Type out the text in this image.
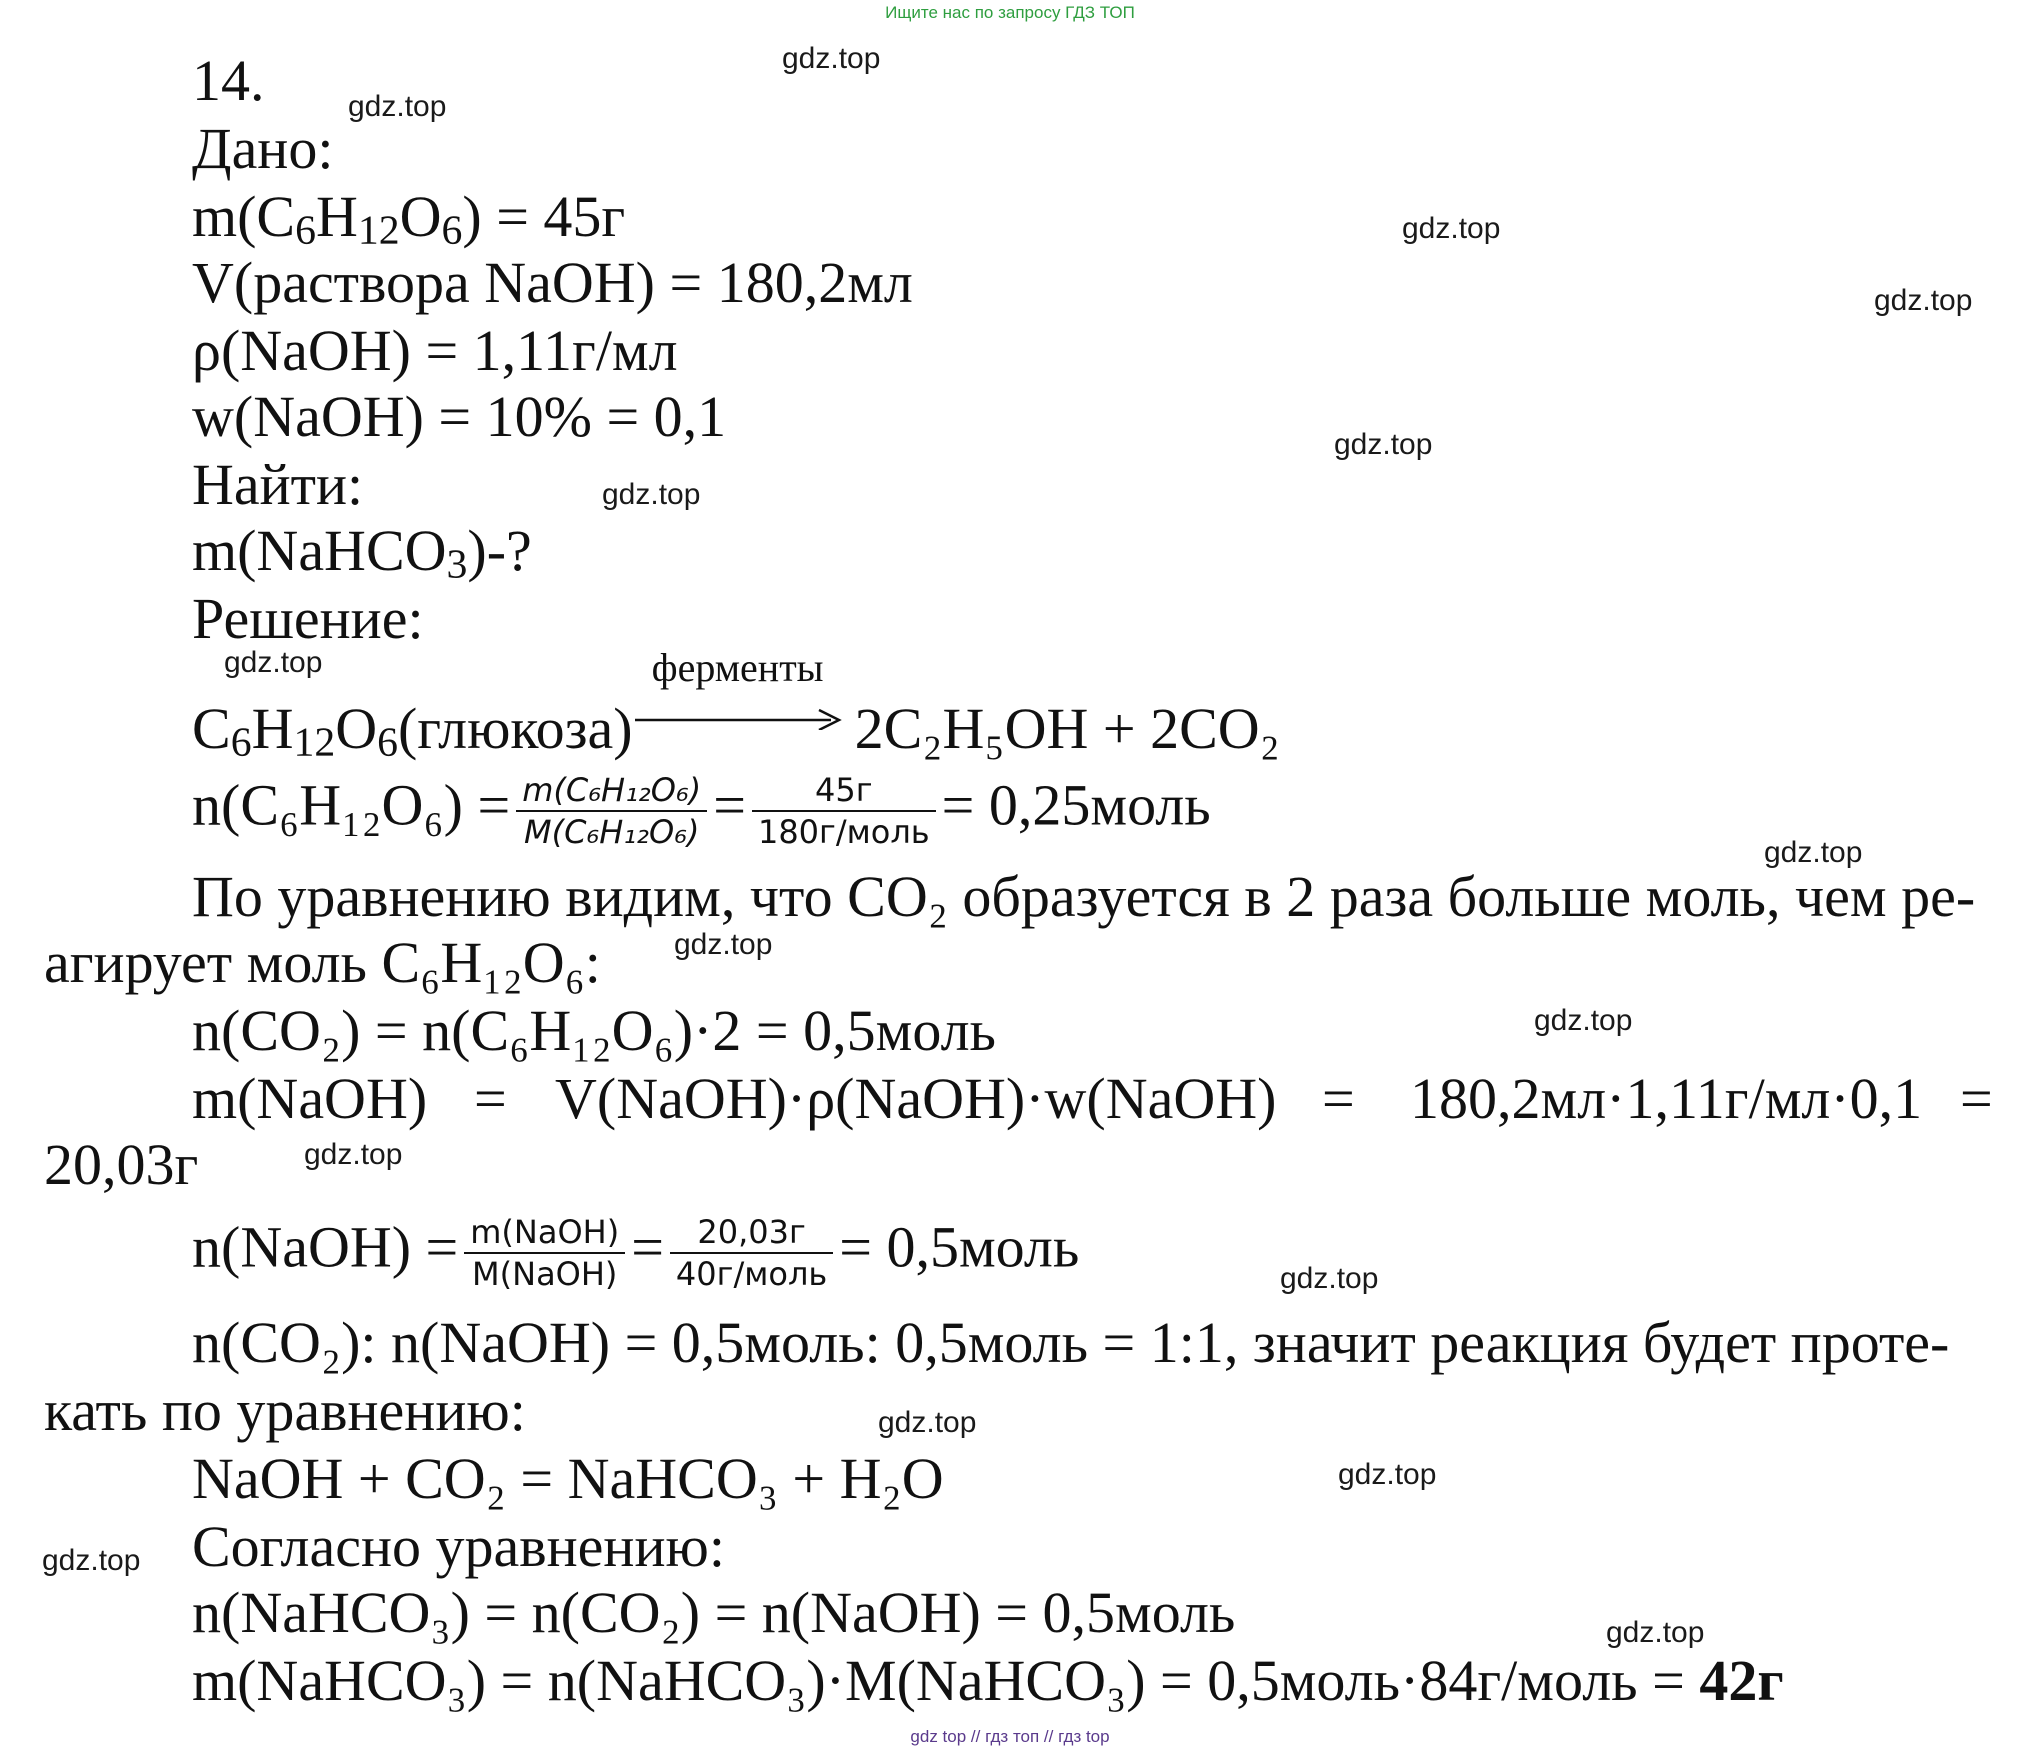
Ищите нас по запросу ГДЗ ТОП
14.
Дано:
$m(C_6H_{12}O_6) = 45г$
V(раствора NaOH) = 180,2мл
ρ(NaOH) = 1,11г/мл
w(NaOH) = 10% = 0,1
Найти:
m(NaHCO$_3$)-?
Решение:
$C_6H_{12}O_6(глюкоза)$
ферменты
2C₂H₅OH + 2CO₂
$n(C_6H_{12}O_6) = \frac{\text{m(C₆H₁₂O₆)}}{\text{M(C₆H₁₂O₆)}} = \frac{45г}{\text{180г/моль}}$ = 0,25моль
По уравнению видим, что CO₂ образуется в 2 раза больше моль, чем ре-
агирует моль C₆H₁₂O₆:
n(CO₂) = n(C₆H₁₂O₆)·2 = 0,5моль
m(NaOH) = V(NaOH)·ρ(NaOH)·w(NaOH) = 180,2мл·1,11г/мл·0,1 =
20,03г
n(NaOH) = $\frac{\text{m(NaOH)}}{\text{M(NaOH)}} = \frac{20,03г}{\text{40г/моль}}$ = 0,5моль
n(CO₂): n(NaOH) = 0,5моль: 0,5моль = 1:1, значит реакция будет проте-
кать по уравнению:
NaOH + CO₂ = NaHCO₃ + H₂O
Согласно уравнению:
n(NaHCO₃) = n(CO₂) = n(NaOH) = 0,5моль
m(NaHCO₃) = n(NaHCO₃)·M(NaHCO₃) = 0,5моль·84г/моль = 42г
gdz.top
gdz.top
gdz.top
gdz.top
gdz.top
gdz.top
gdz.top
gdz.top
gdz.top
gdz.top
gdz.top
gdz.top
gdz.top
gdz.top
gdz.top
gdz.top
gdz top // гдз топ // гдз top
